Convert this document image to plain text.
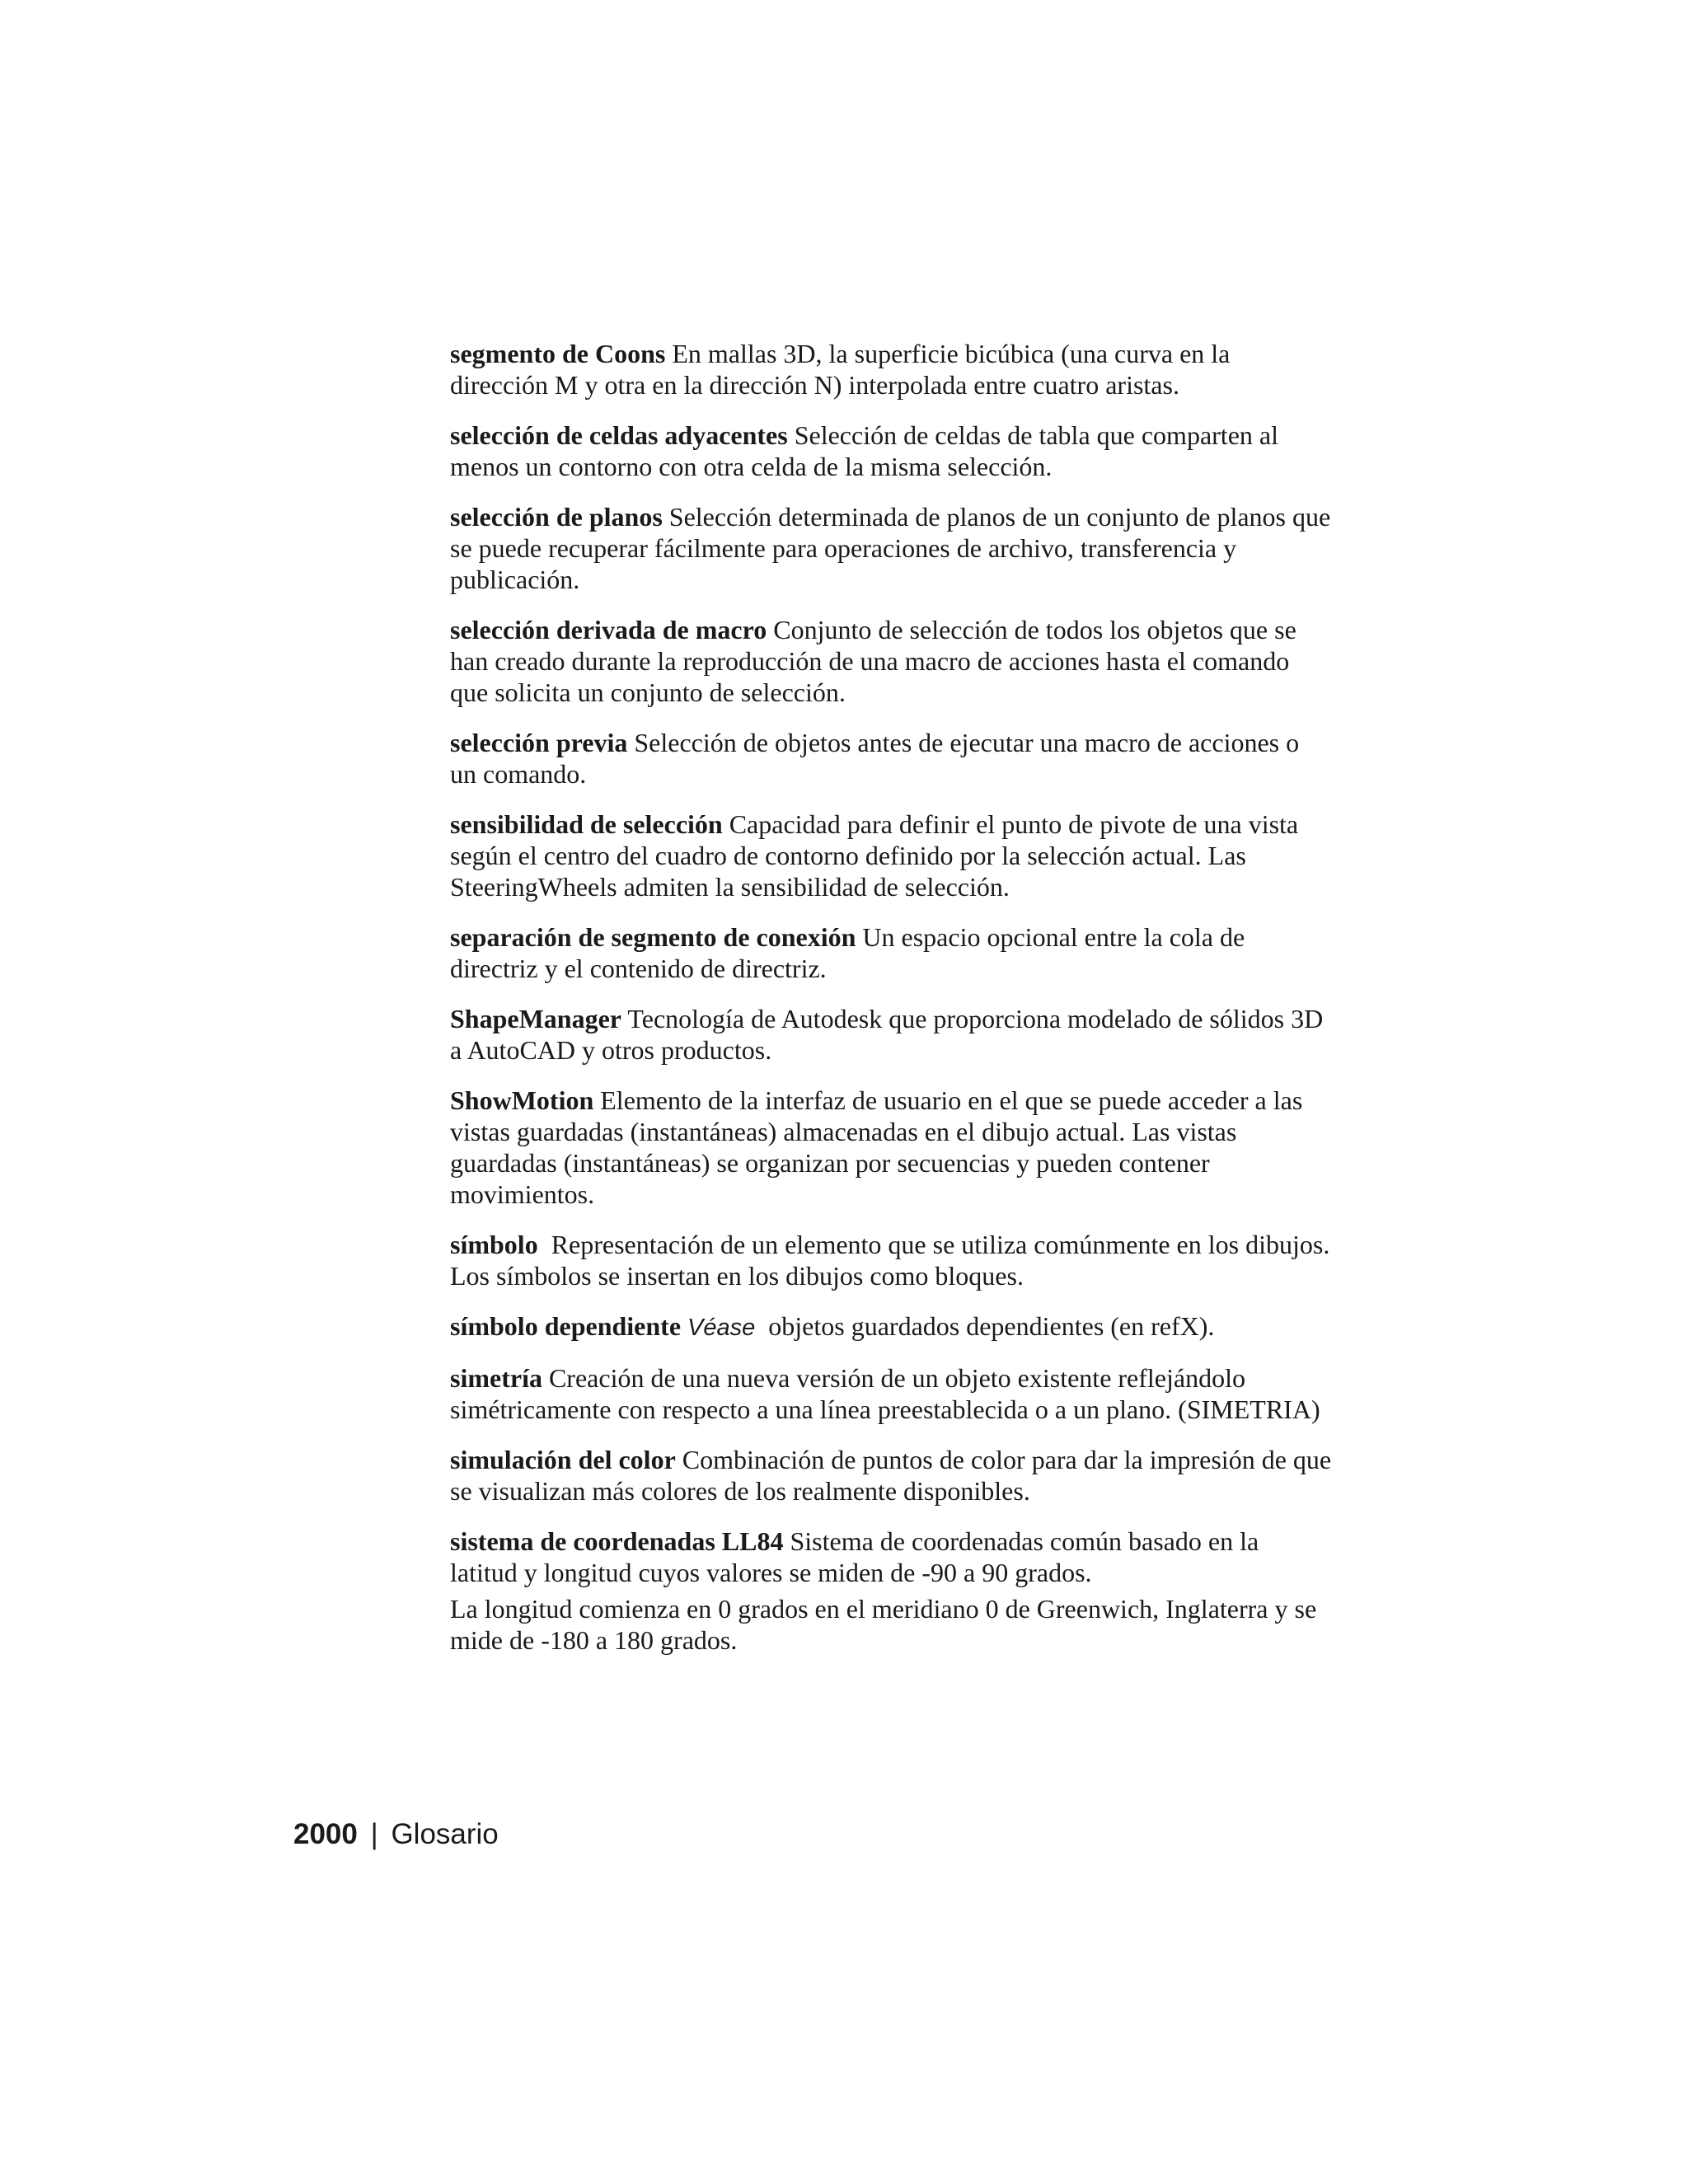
segmento de Coons En mallas 3D, la superficie bicúbica (una curva en la dirección M y otra en la dirección N) interpolada entre cuatro aristas.

selección de celdas adyacentes Selección de celdas de tabla que comparten al menos un contorno con otra celda de la misma selección.

selección de planos Selección determinada de planos de un conjunto de planos que se puede recuperar fácilmente para operaciones de archivo, transferencia y publicación.

selección derivada de macro Conjunto de selección de todos los objetos que se han creado durante la reproducción de una macro de acciones hasta el comando que solicita un conjunto de selección.

selección previa Selección de objetos antes de ejecutar una macro de acciones o un comando.

sensibilidad de selección Capacidad para definir el punto de pivote de una vista según el centro del cuadro de contorno definido por la selección actual. Las SteeringWheels admiten la sensibilidad de selección.

separación de segmento de conexión Un espacio opcional entre la cola de directriz y el contenido de directriz.

ShapeManager Tecnología de Autodesk que proporciona modelado de sólidos 3D a AutoCAD y otros productos.

ShowMotion Elemento de la interfaz de usuario en el que se puede acceder a las vistas guardadas (instantáneas) almacenadas en el dibujo actual. Las vistas guardadas (instantáneas) se organizan por secuencias y pueden contener movimientos.

símbolo Representación de un elemento que se utiliza comúnmente en los dibujos. Los símbolos se insertan en los dibujos como bloques.

símbolo dependiente Véase objetos guardados dependientes (en refX).

simetría Creación de una nueva versión de un objeto existente reflejándolo simétricamente con respecto a una línea preestablecida o a un plano. (SIMETRIA)

simulación del color Combinación de puntos de color para dar la impresión de que se visualizan más colores de los realmente disponibles.

sistema de coordenadas LL84 Sistema de coordenadas común basado en la latitud y longitud cuyos valores se miden de -90 a 90 grados.

La longitud comienza en 0 grados en el meridiano 0 de Greenwich, Inglaterra y se mide de -180 a 180 grados.

2000 | Glosario
